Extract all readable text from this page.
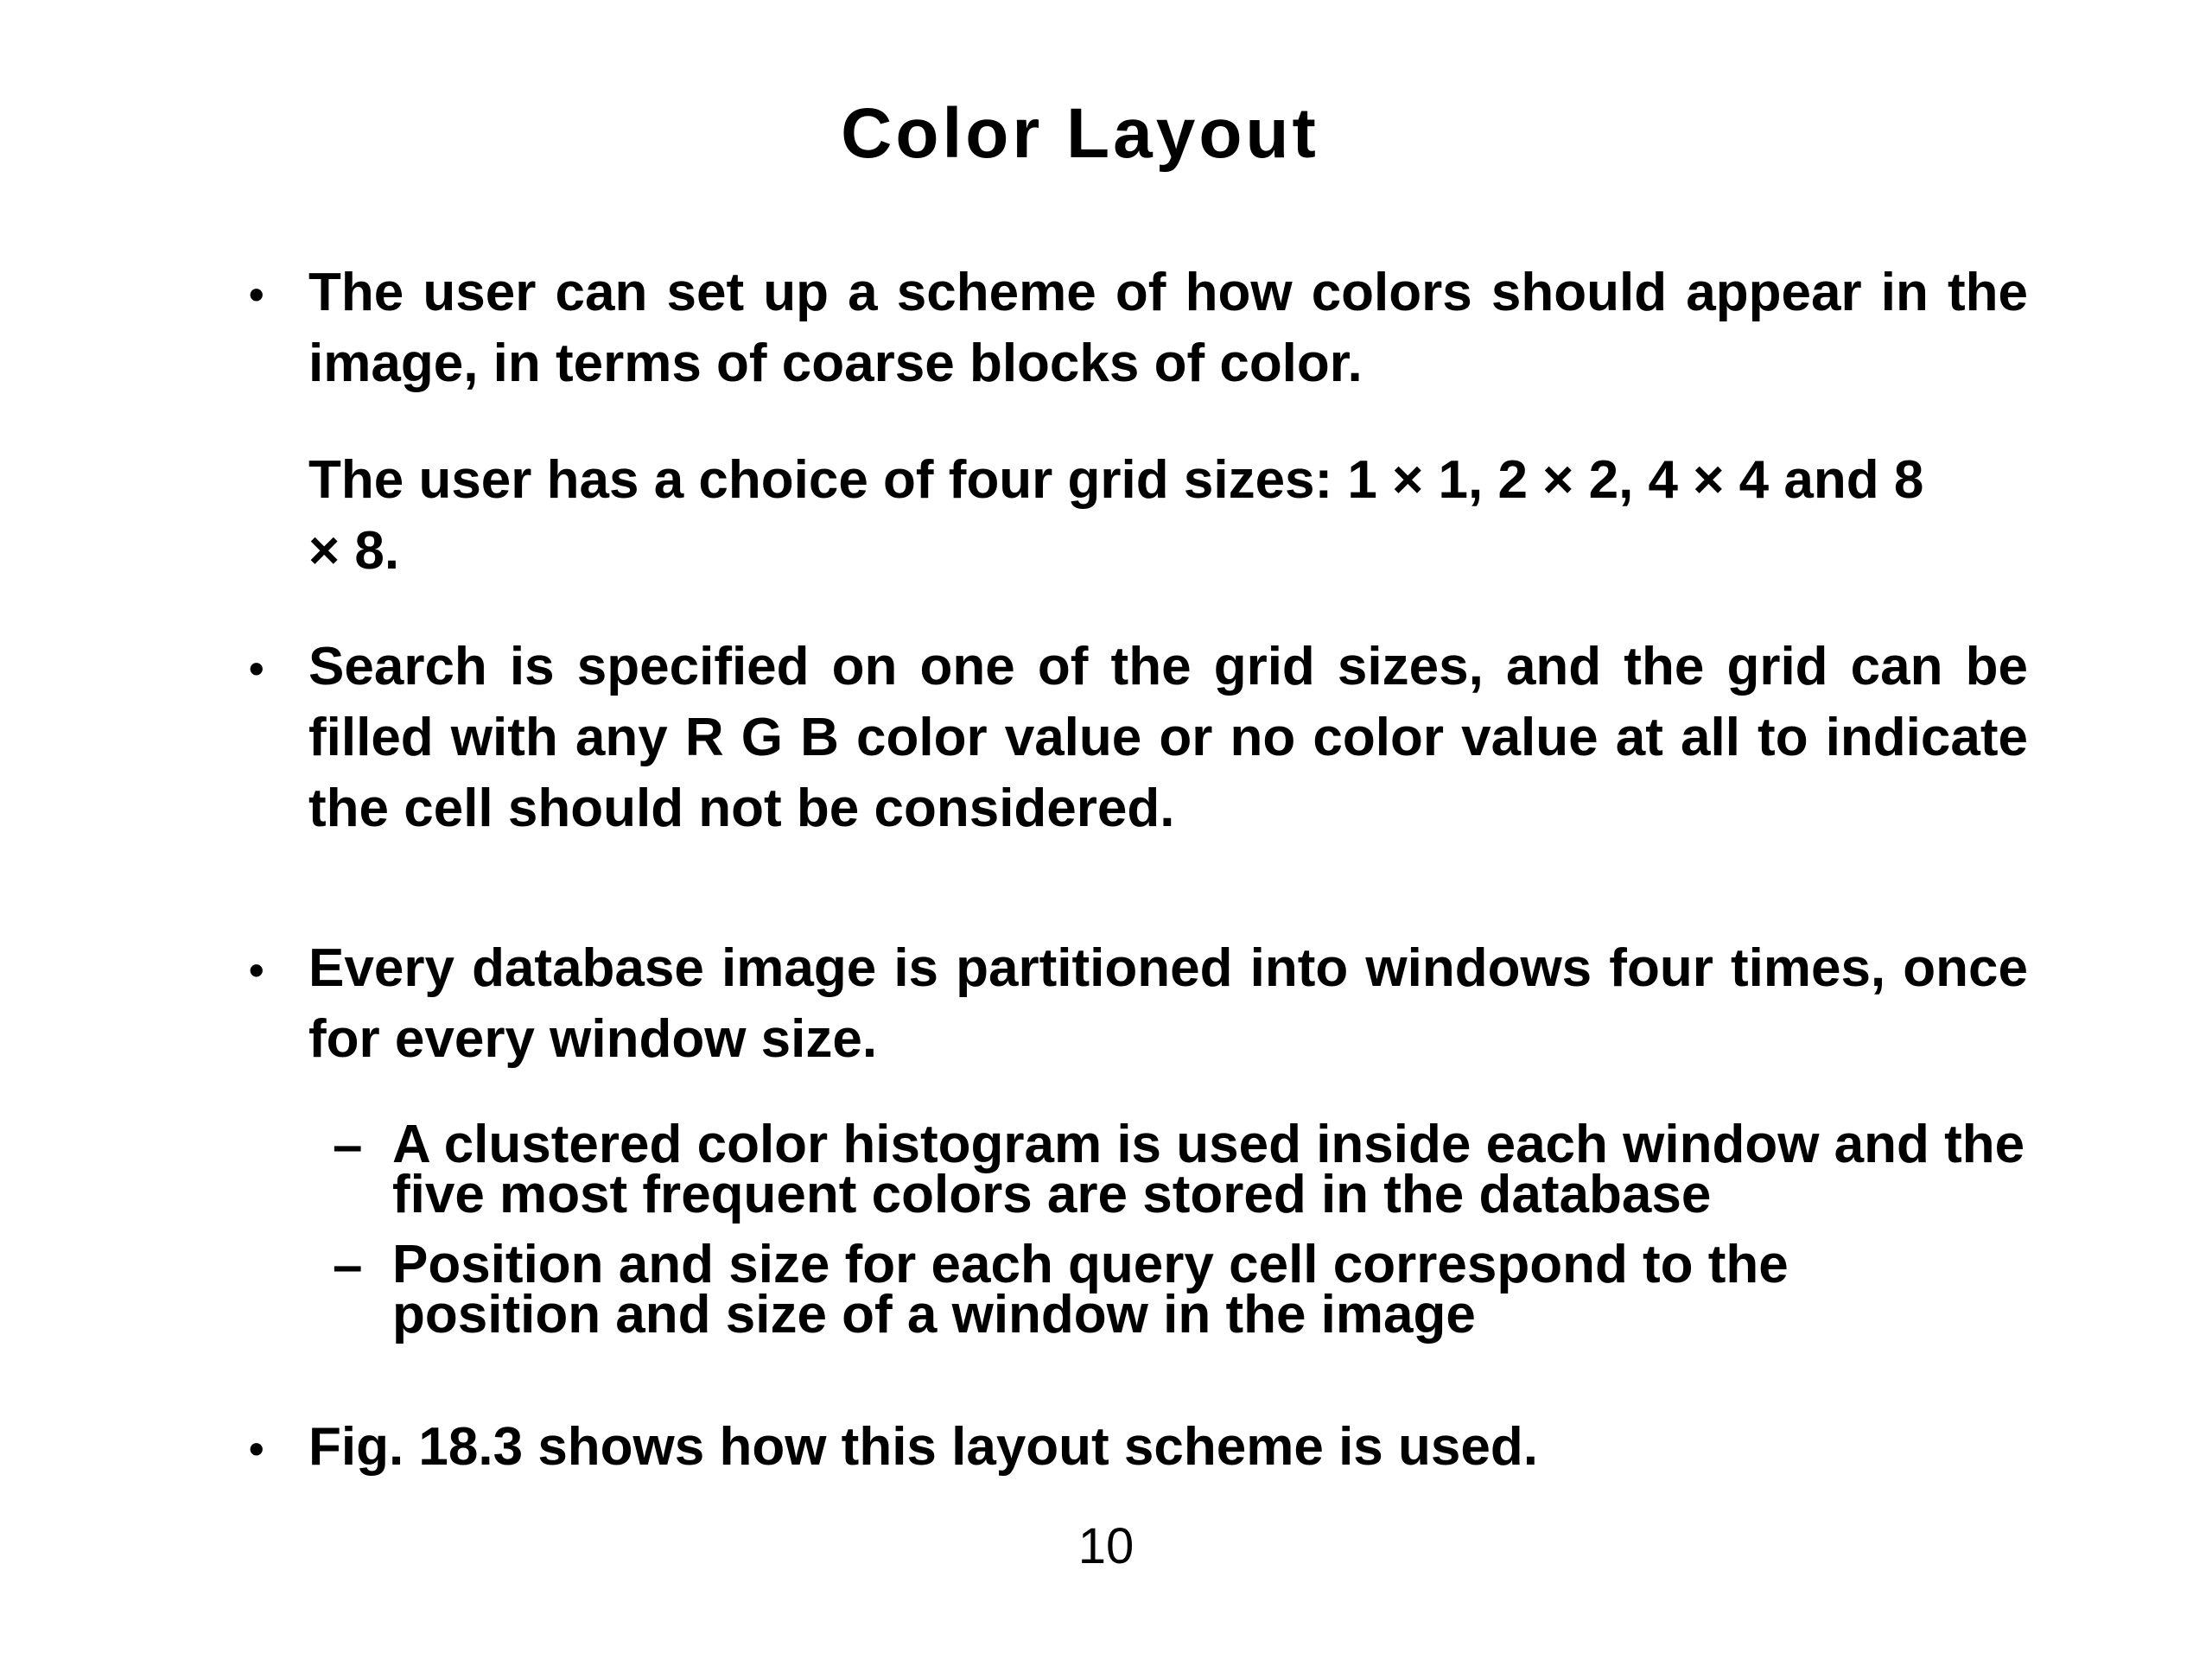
Color Layout
• The user can set up a scheme of how colors should appear in the image, in terms of coarse blocks of color.
The user has a choice of four grid sizes: 1 × 1, 2 × 2, 4 × 4 and 8 × 8.
• Search is specified on one of the grid sizes, and the grid can be filled with any R G B color value or no color value at all to indicate the cell should not be considered.
• Every database image is partitioned into windows four times, once for every window size.
– A clustered color histogram is used inside each window and the five most frequent colors are stored in the database
– Position and size for each query cell correspond to the position and size of a window in the image
• Fig. 18.3 shows how this layout scheme is used.
10
